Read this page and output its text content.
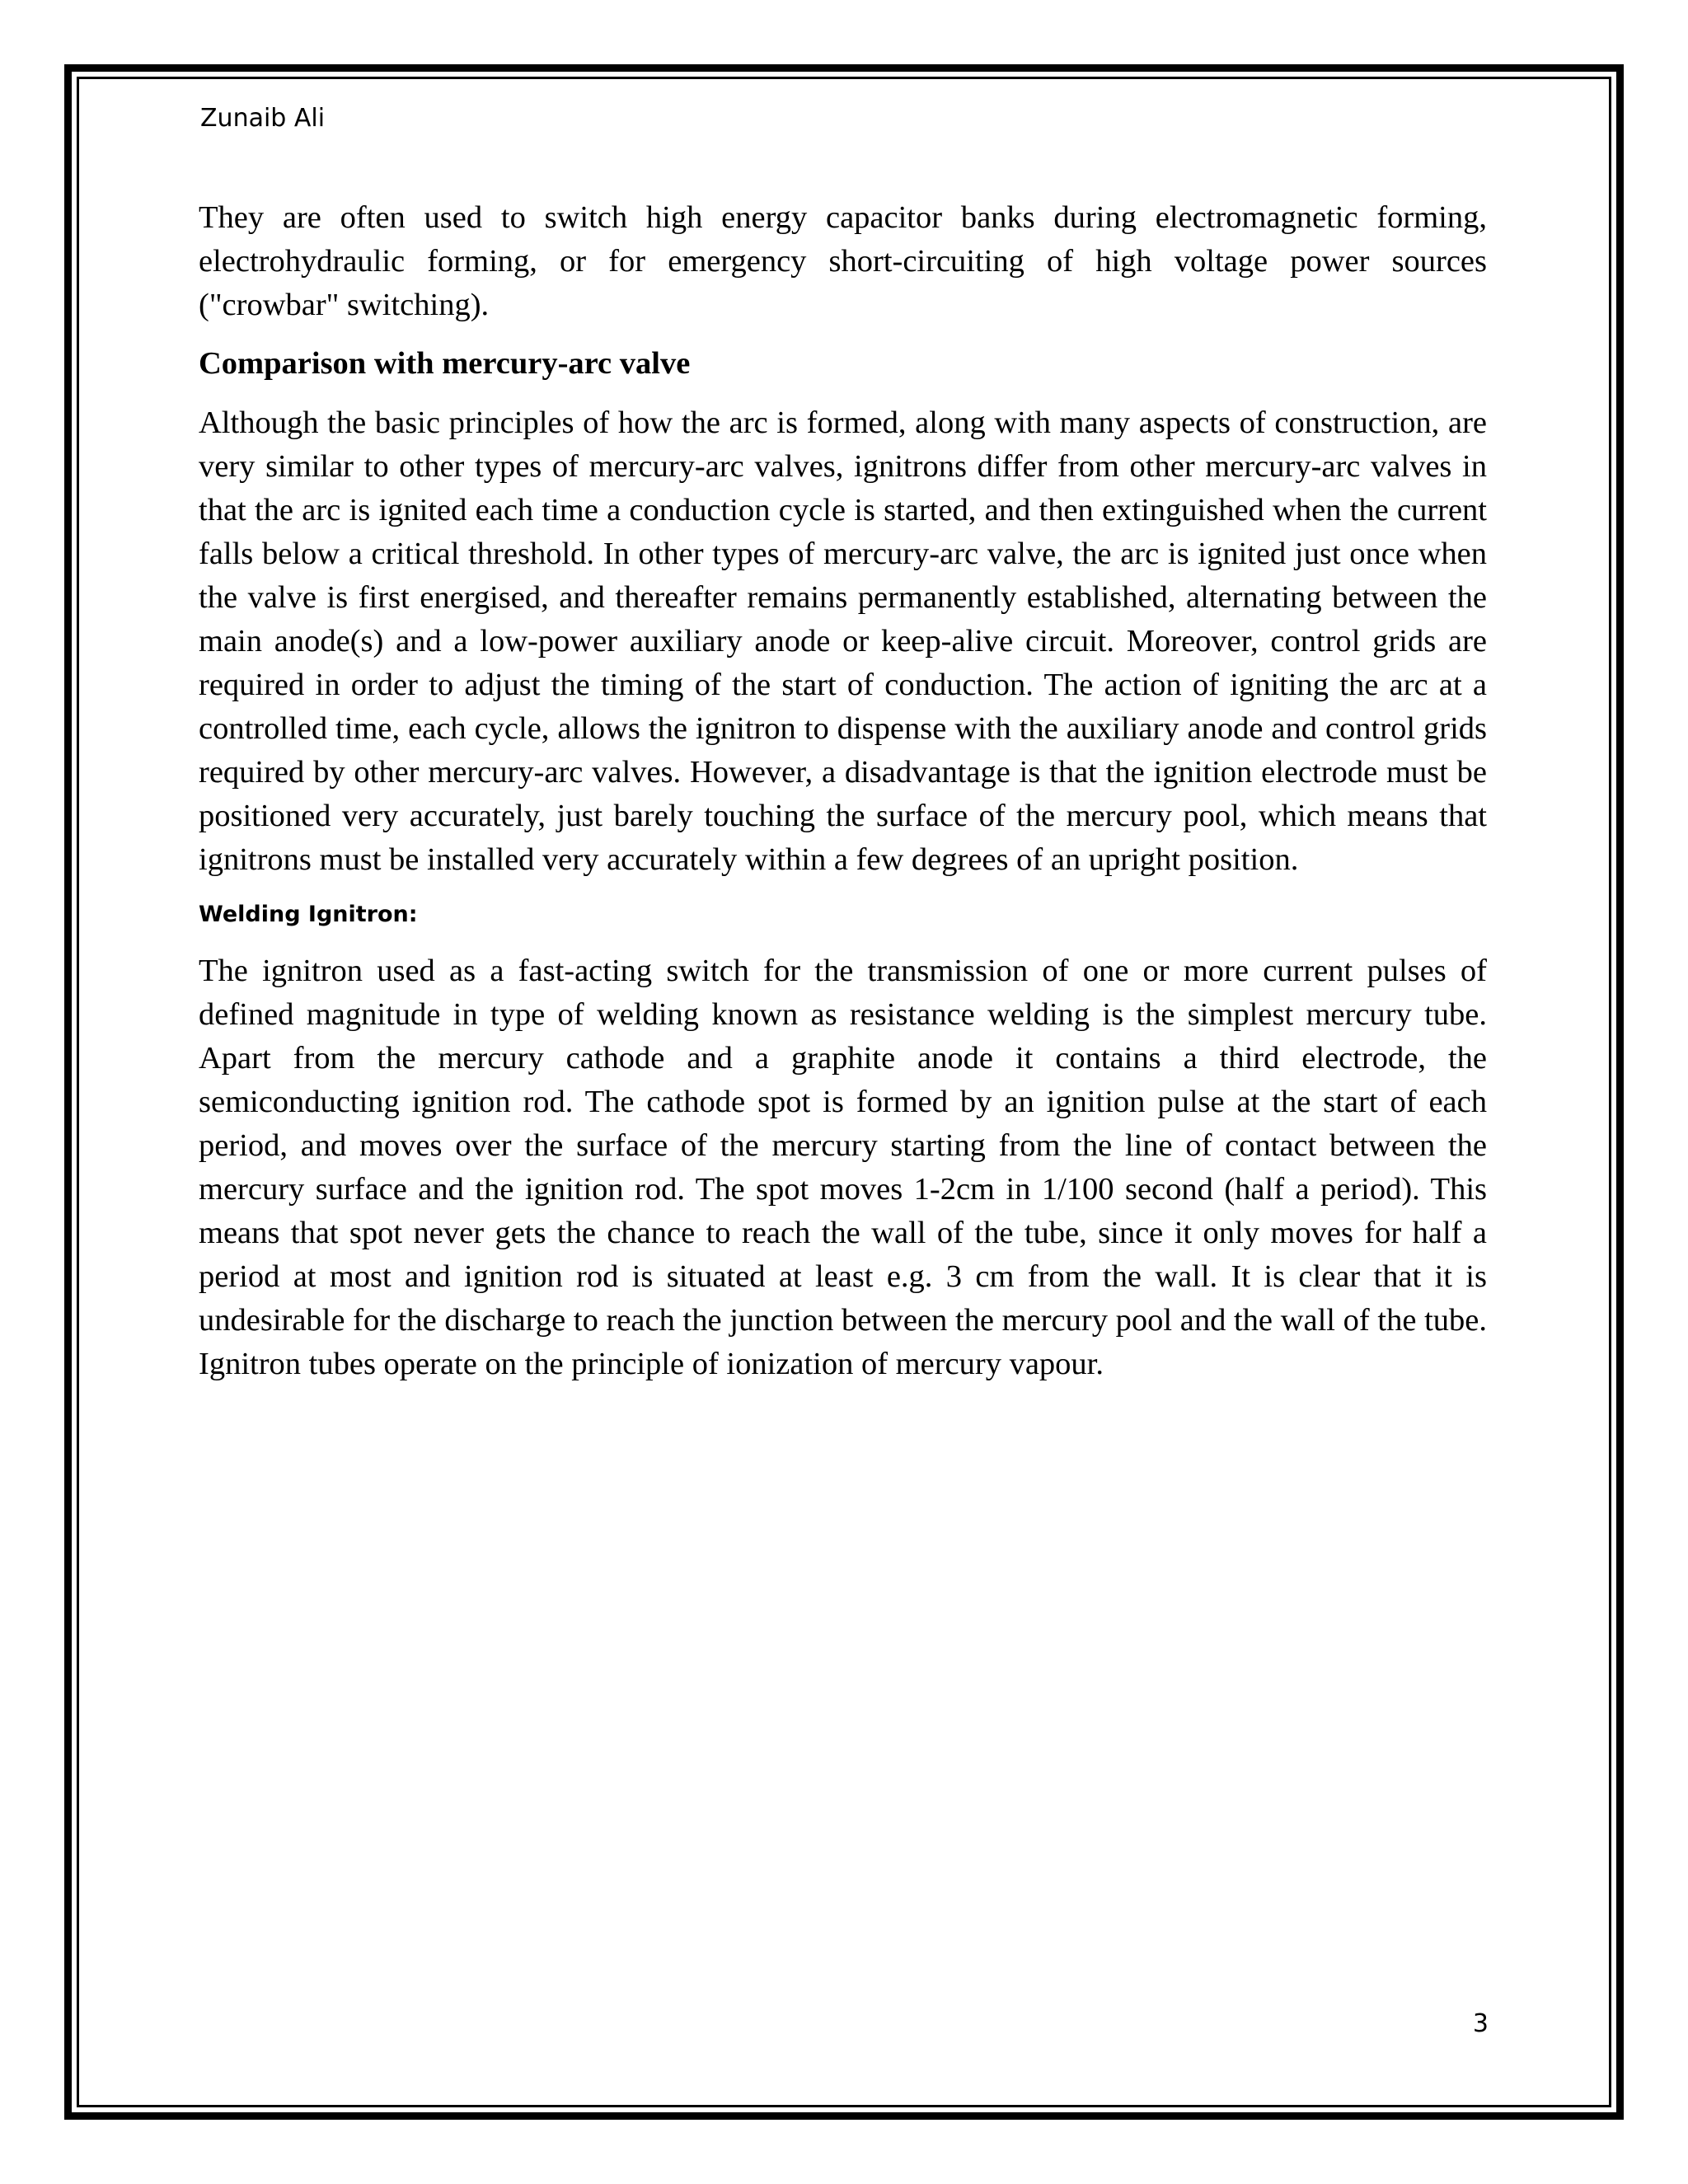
Zunaib Ali

They are often used to switch high energy capacitor banks during electromagnetic forming, electrohydraulic forming, or for emergency short-circuiting of high voltage power sources ("crowbar" switching).

Comparison with mercury-arc valve

Although the basic principles of how the arc is formed, along with many aspects of construction, are very similar to other types of mercury-arc valves, ignitrons differ from other mercury-arc valves in that the arc is ignited each time a conduction cycle is started, and then extinguished when the current falls below a critical threshold. In other types of mercury-arc valve, the arc is ignited just once when the valve is first energised, and thereafter remains permanently established, alternating between the main anode(s) and a low-power auxiliary anode or keep-alive circuit. Moreover, control grids are required in order to adjust the timing of the start of conduction. The action of igniting the arc at a controlled time, each cycle, allows the ignitron to dispense with the auxiliary anode and control grids required by other mercury-arc valves. However, a disadvantage is that the ignition electrode must be positioned very accurately, just barely touching the surface of the mercury pool, which means that ignitrons must be installed very accurately within a few degrees of an upright position.

Welding Ignitron:

The ignitron used as a fast-acting switch for the transmission of one or more current pulses of defined magnitude in type of welding known as resistance welding is the simplest mercury tube. Apart from the mercury cathode and a graphite anode it contains a third electrode, the semiconducting ignition rod. The cathode spot is formed by an ignition pulse at the start of each period, and moves over the surface of the mercury starting from the line of contact between the mercury surface and the ignition rod. The spot moves 1-2cm in 1/100 second (half a period). This means that spot never gets the chance to reach the wall of the tube, since it only moves for half a period at most and ignition rod is situated at least e.g. 3 cm from the wall. It is clear that it is undesirable for the discharge to reach the junction between the mercury pool and the wall of the tube. Ignitron tubes operate on the principle of ionization of mercury vapour.

3
